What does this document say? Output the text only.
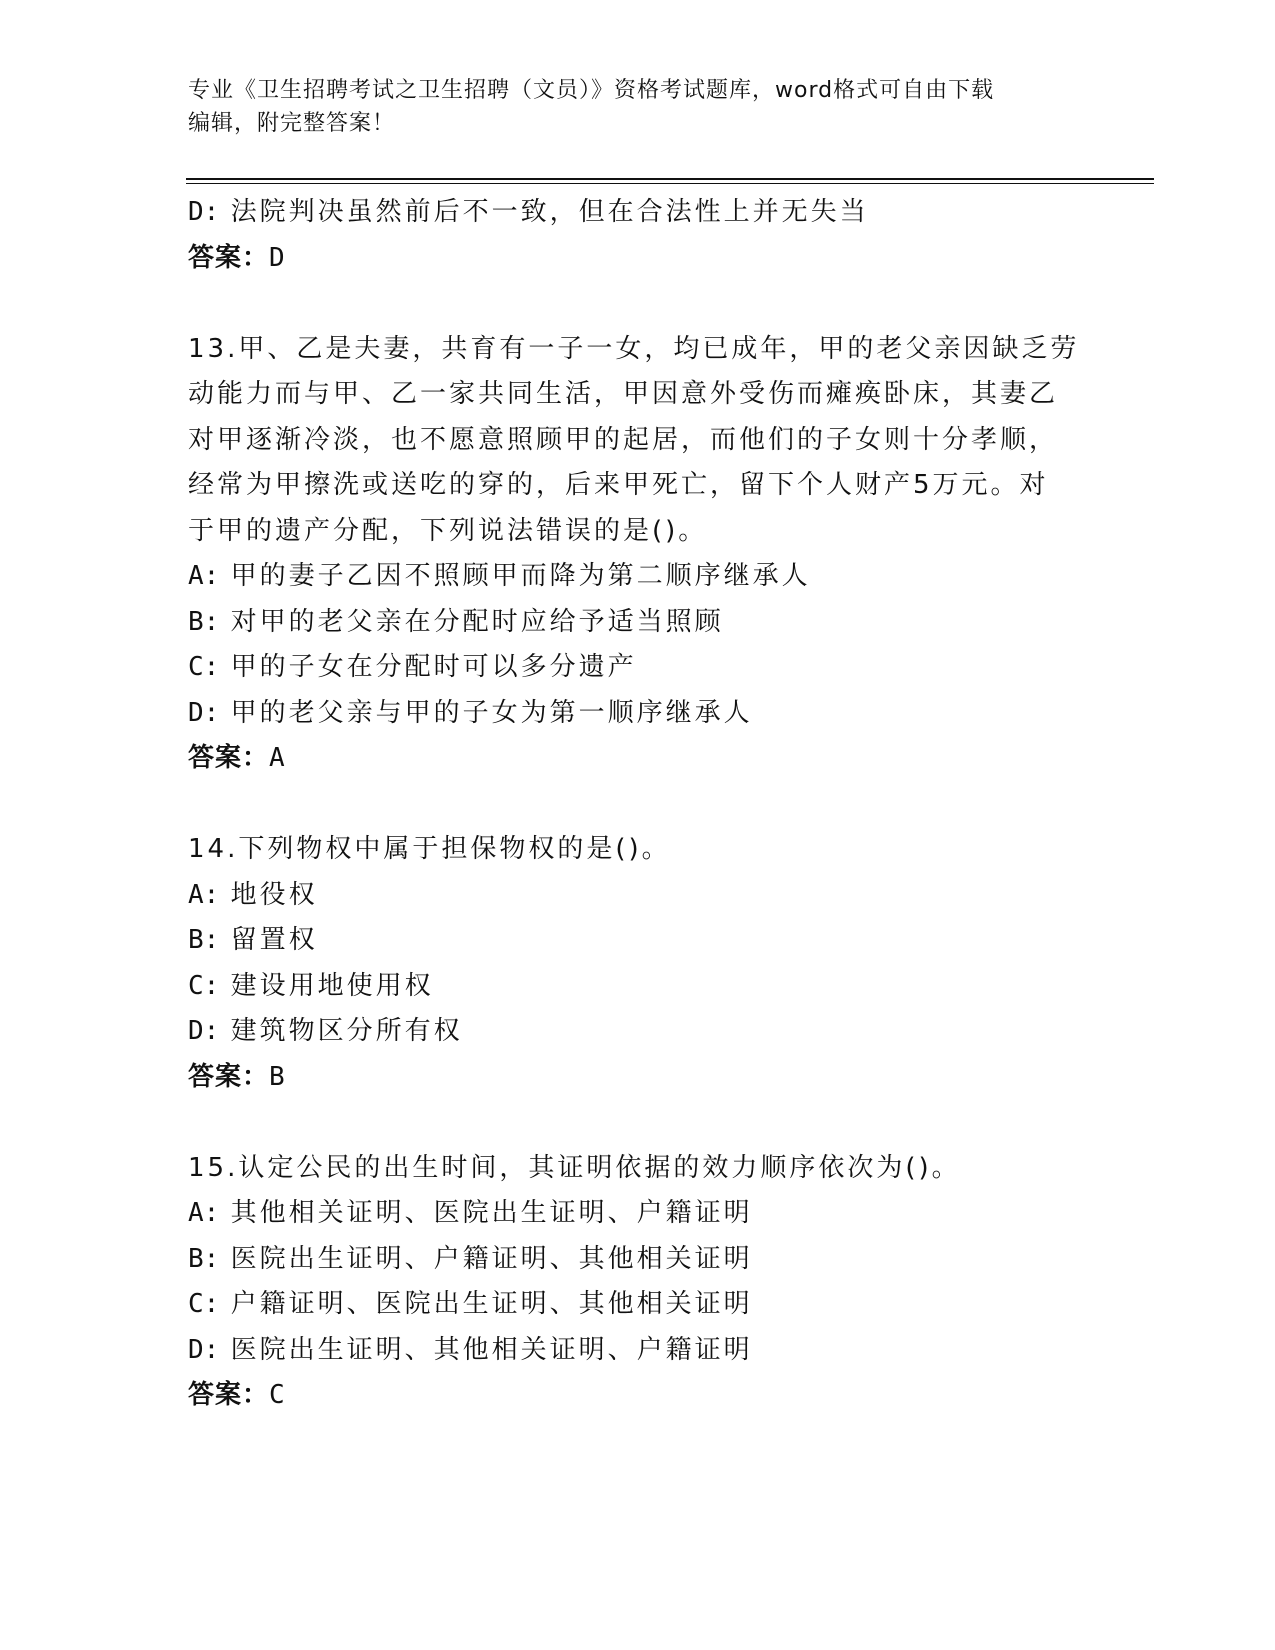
专业《卫生招聘考试之卫生招聘（文员）》资格考试题库，word格式可自由下载
编辑，附完整答案！
D: 法院判决虽然前后不一致，但在合法性上并无失当
答案：D
13.甲、乙是夫妻，共育有一子一女，均已成年，甲的老父亲因缺乏劳
动能力而与甲、乙一家共同生活，甲因意外受伤而瘫痪卧床，其妻乙
对甲逐渐冷淡，也不愿意照顾甲的起居，而他们的子女则十分孝顺，
经常为甲擦洗或送吃的穿的，后来甲死亡，留下个人财产5万元。对
于甲的遗产分配，下列说法错误的是()。
A: 甲的妻子乙因不照顾甲而降为第二顺序继承人
B: 对甲的老父亲在分配时应给予适当照顾
C: 甲的子女在分配时可以多分遗产
D: 甲的老父亲与甲的子女为第一顺序继承人
答案：A
14.下列物权中属于担保物权的是()。
A: 地役权
B: 留置权
C: 建设用地使用权
D: 建筑物区分所有权
答案：B
15.认定公民的出生时间，其证明依据的效力顺序依次为()。
A: 其他相关证明、医院出生证明、户籍证明
B: 医院出生证明、户籍证明、其他相关证明
C: 户籍证明、医院出生证明、其他相关证明
D: 医院出生证明、其他相关证明、户籍证明
答案：C
